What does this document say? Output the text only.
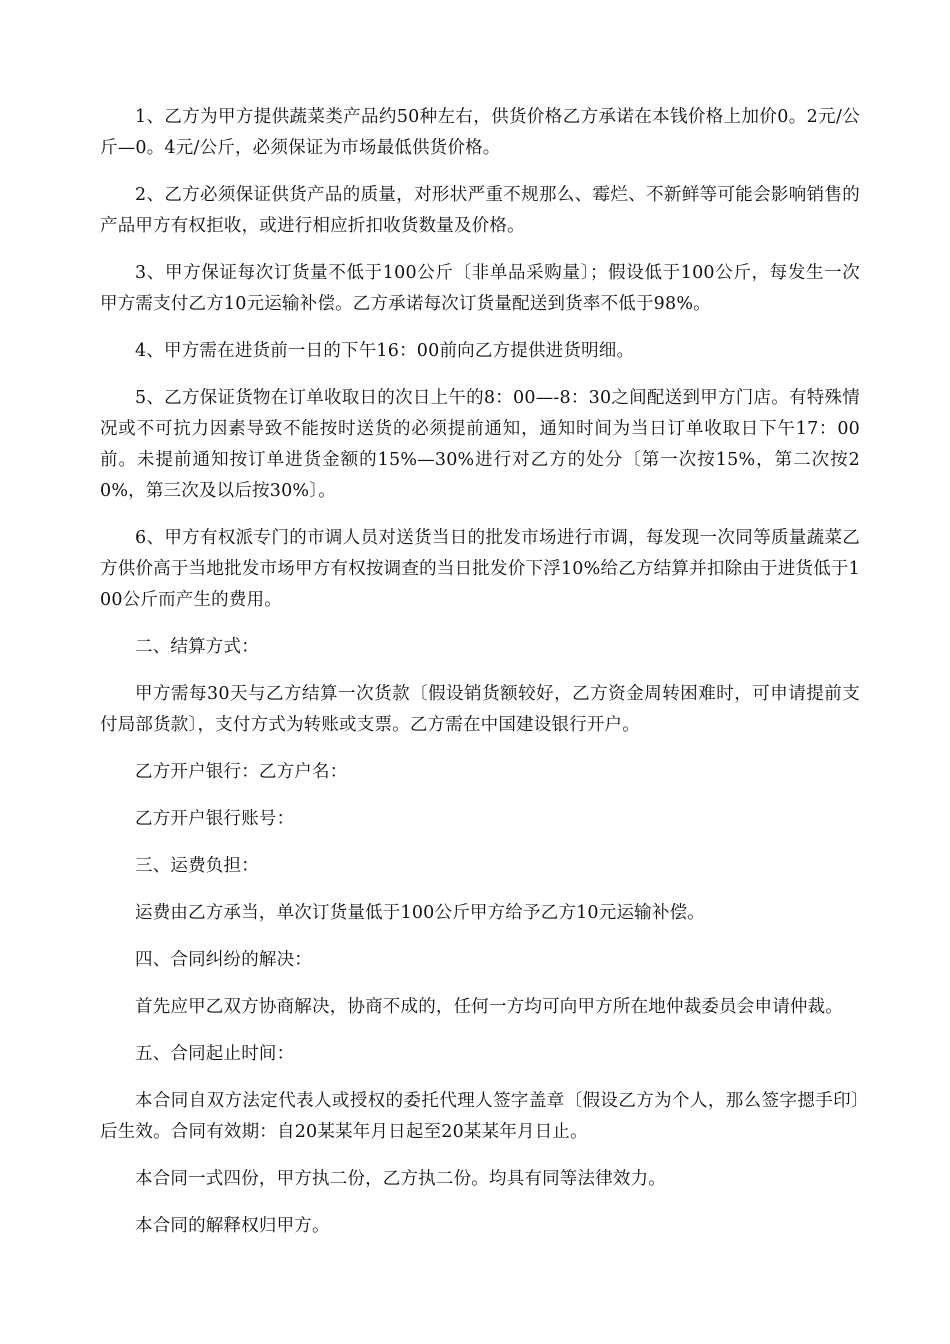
1、乙方为甲方提供蔬菜类产品约50种左右，供货价格乙方承诺在本钱价格上加价0。2元/公斤—0。4元/公斤，必须保证为市场最低供货价格。

2、乙方必须保证供货产品的质量，对形状严重不规那么、霉烂、不新鲜等可能会影响销售的产品甲方有权拒收，或进行相应折扣收货数量及价格。

3、甲方保证每次订货量不低于100公斤〔非单品采购量〕；假设低于100公斤，每发生一次甲方需支付乙方10元运输补偿。乙方承诺每次订货量配送到货率不低于98%。

4、甲方需在进货前一日的下午16：00前向乙方提供进货明细。

5、乙方保证货物在订单收取日的次日上午的8：00—-8：30之间配送到甲方门店。有特殊情况或不可抗力因素导致不能按时送货的必须提前通知，通知时间为当日订单收取日下午17：00前。未提前通知按订单进货金额的15%—30%进行对乙方的处分〔第一次按15%，第二次按20%，第三次及以后按30%〕。

6、甲方有权派专门的市调人员对送货当日的批发市场进行市调，每发现一次同等质量蔬菜乙方供价高于当地批发市场甲方有权按调查的当日批发价下浮10%给乙方结算并扣除由于进货低于100公斤而产生的费用。

二、结算方式：

甲方需每30天与乙方结算一次货款〔假设销货额较好，乙方资金周转困难时，可申请提前支付局部货款〕，支付方式为转账或支票。乙方需在中国建设银行开户。

乙方开户银行：乙方户名：

乙方开户银行账号：

三、运费负担：

运费由乙方承当，单次订货量低于100公斤甲方给予乙方10元运输补偿。

四、合同纠纷的解决：

首先应甲乙双方协商解决，协商不成的，任何一方均可向甲方所在地仲裁委员会申请仲裁。

五、合同起止时间：

本合同自双方法定代表人或授权的委托代理人签字盖章〔假设乙方为个人，那么签字摁手印〕后生效。合同有效期：自20某某年月日起至20某某年月日止。

本合同一式四份，甲方执二份，乙方执二份。均具有同等法律效力。

本合同的解释权归甲方。
